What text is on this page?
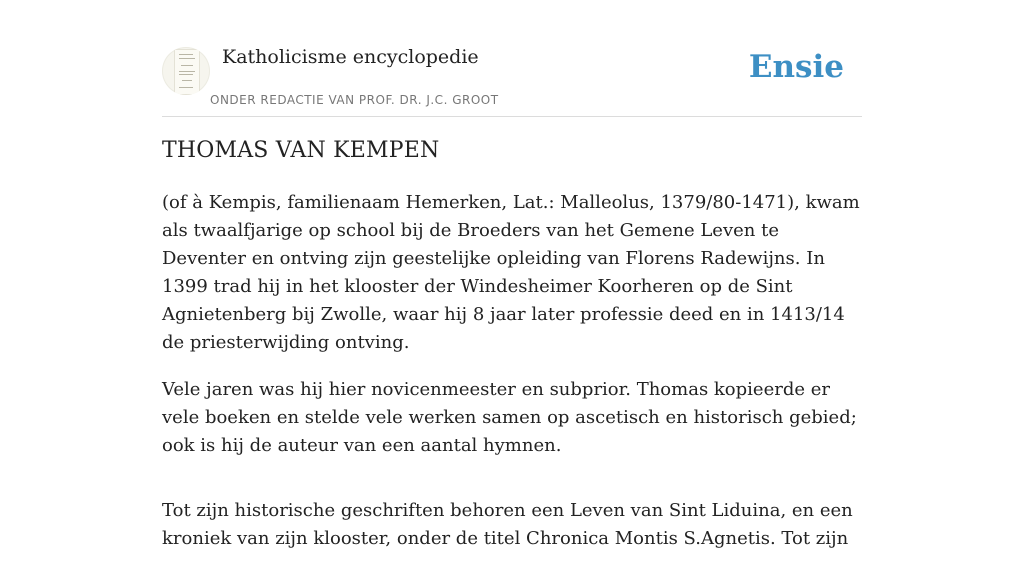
Katholicisme encyclopedie
ONDER REDACTIE VAN PROF. DR. J.C. GROOT
Ensie
THOMAS VAN KEMPEN

(of à Kempis, familienaam Hemerken, Lat.: Malleolus, 1379/80-1471), kwam als twaalfjarige op school bij de Broeders van het Gemene Leven te Deventer en ontving zijn geestelijke opleiding van Florens Radewijns. In 1399 trad hij in het klooster der Windesheimer Koorheren op de Sint Agnietenberg bij Zwolle, waar hij 8 jaar later professie deed en in 1413/14 de priesterwijding ontving.

Vele jaren was hij hier novicenmeester en subprior. Thomas kopieerde er vele boeken en stelde vele werken samen op ascetisch en historisch gebied; ook is hij de auteur van een aantal hymnen.

Tot zijn historische geschriften behoren een Leven van Sint Liduina, en een kroniek van zijn klooster, onder de titel Chronica Montis S.Agnetis. Tot zijn
